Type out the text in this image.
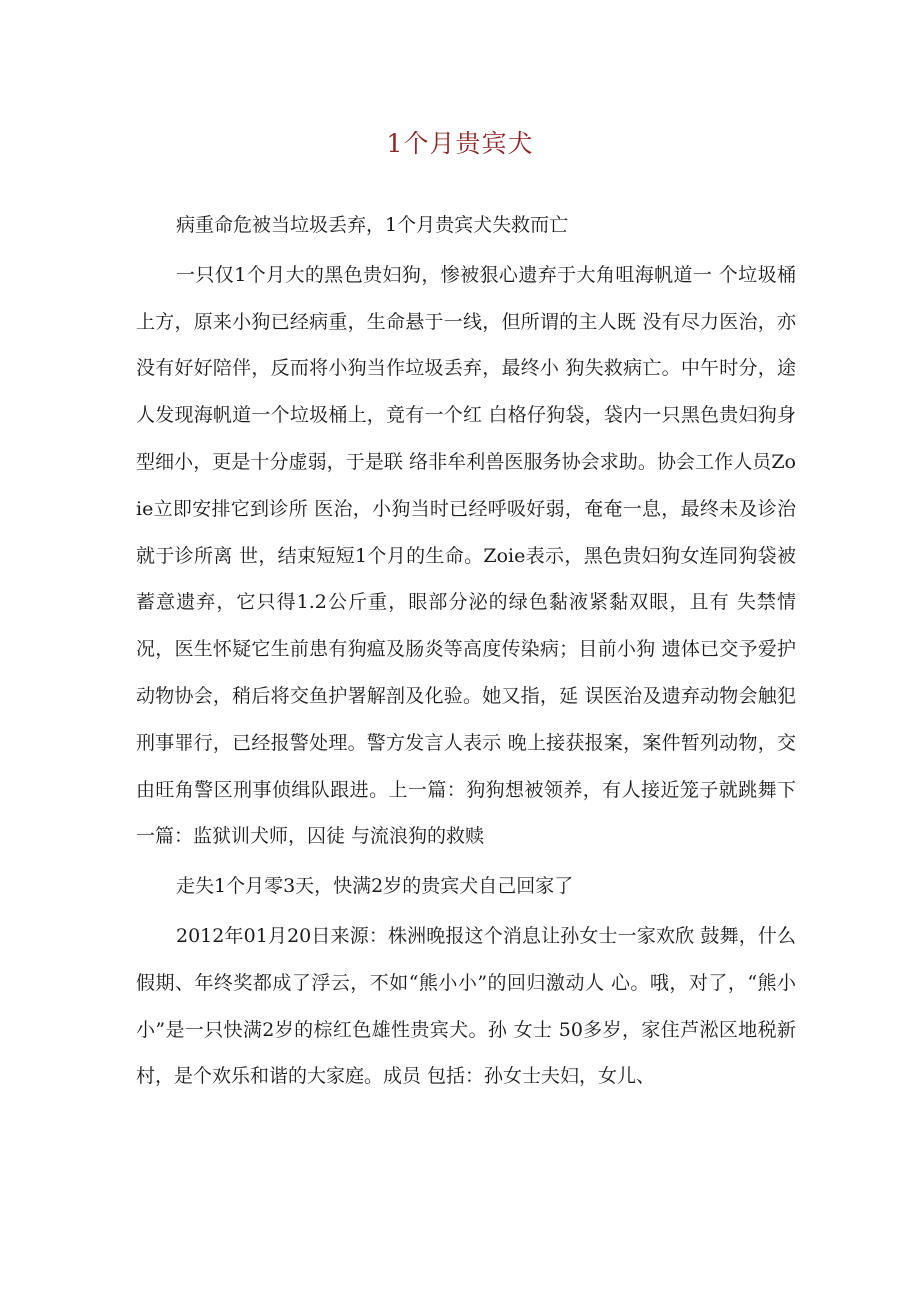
1个月贵宾犬

病重命危被当垃圾丢弃，1个月贵宾犬失救而亡

一只仅1个月大的黑色贵妇狗，惨被狠心遗弃于大角咀海帆道一 个垃圾桶上方，原来小狗已经病重，生命悬于一线，但所谓的主人既 没有尽力医治，亦没有好好陪伴，反而将小狗当作垃圾丢弃，最终小 狗失救病亡。中午时分，途人发现海帆道一个垃圾桶上，竟有一个红 白格仔狗袋，袋内一只黑色贵妇狗身型细小，更是十分虚弱，于是联 络非牟利兽医服务协会求助。协会工作人员Zoie立即安排它到诊所 医治，小狗当时已经呼吸好弱，奄奄一息，最终未及诊治就于诊所离 世，结束短短1个月的生命。Zoie表示，黑色贵妇狗女连同狗袋被 蓄意遗弃，它只得1.2公斤重，眼部分泌的绿色黏液紧黏双眼，且有 失禁情况，医生怀疑它生前患有狗瘟及肠炎等高度传染病；目前小狗 遗体已交予爱护动物协会，稍后将交鱼护署解剖及化验。她又指，延 误医治及遗弃动物会触犯刑事罪行，已经报警处理。警方发言人表示 晚上接获报案，案件暂列动物，交由旺角警区刑事侦缉队跟进。上一篇：狗狗想被领养，有人接近笼子就跳舞下一篇：监狱训犬师，囚徒 与流浪狗的救赎

走失1个月零3天，快满2岁的贵宾犬自己回家了

2012年01月20日来源：株洲晚报这个消息让孙女士一家欢欣 鼓舞，什么假期、年终奖都成了浮云，不如“熊小小”的回归激动人 心。哦，对了，“熊小小”是一只快满2岁的棕红色雄性贵宾犬。孙 女士 50多岁，家住芦淞区地税新村，是个欢乐和谐的大家庭。成员 包括：孙女士夫妇，女儿、
